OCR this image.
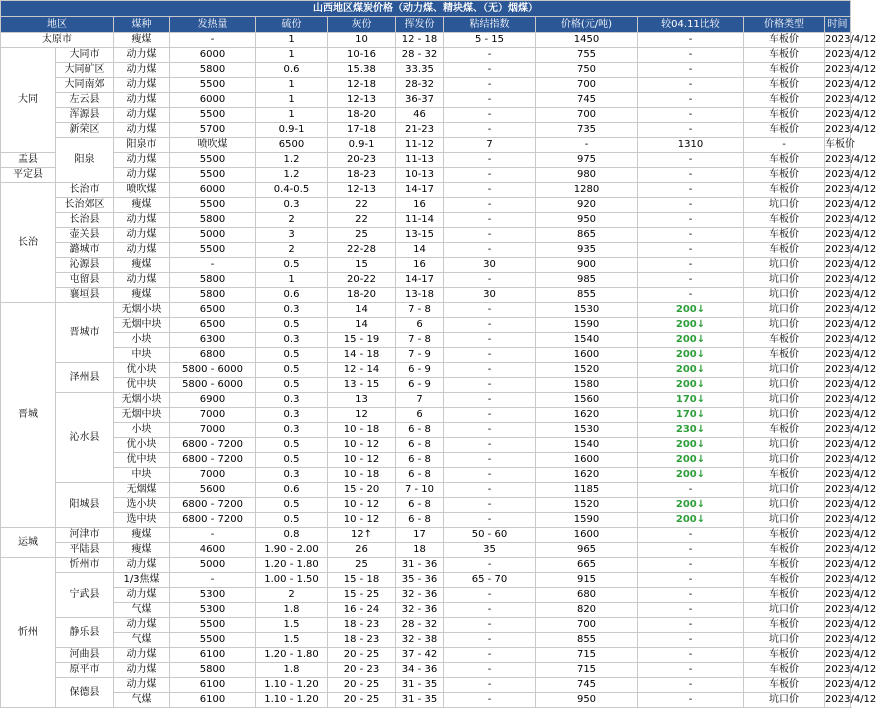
山西地区煤炭价格（动力煤、精块煤、（无）烟煤）												
地区		煤种	发热量	硫份	灰份	挥发份	粘结指数	价格(元/吨)	较04.11比较	价格类型	时间	
太原市		瘦煤	-	1	10	12 - 18	5 - 15	1450	-	车板价	2023/4/12	
大同	大同市	动力煤	6000	1	10-16	28 - 32	-	755	-	车板价	2023/4/12	
	大同矿区	动力煤	5800	0.6	15.38	33.35	-	750	-	车板价	2023/4/12	
	大同南郊	动力煤	5500	1	12-18	28-32	-	700	-	车板价	2023/4/12	
	左云县	动力煤	6000	1	12-13	36-37	-	745	-	车板价	2023/4/12	
	浑源县	动力煤	5500	1	18-20	46	-	700	-	车板价	2023/4/12	
	新荣区	动力煤	5700	0.9-1	17-18	21-23	-	735	-	车板价	2023/4/12	
	阳泉	阳泉市	喷吹煤	6500	0.9-1	11-12	7	-	1310	-	车板价	
盂县		动力煤	5500	1.2	20-23	11-13	-	975	-	车板价	2023/4/12	
平定县		动力煤	5500	1.2	18-23	10-13	-	980	-	车板价	2023/4/12	
长治	长治市	喷吹煤	6000	0.4-0.5	12-13	14-17	-	1280	-	车板价	2023/4/12	
	长治郊区	瘦煤	5500	0.3	22	16	-	920	-	坑口价	2023/4/12	
	长治县	动力煤	5800	2	22	11-14	-	950	-	车板价	2023/4/12	
	壶关县	动力煤	5000	3	25	13-15	-	865	-	车板价	2023/4/12	
	潞城市	动力煤	5500	2	22-28	14	-	935	-	车板价	2023/4/12	
	沁源县	瘦煤	-	0.5	15	16	30	900	-	坑口价	2023/4/12	
	屯留县	动力煤	5800	1	20-22	14-17	-	985	-	坑口价	2023/4/12	
	襄垣县	瘦煤	5800	0.6	18-20	13-18	30	855	-	坑口价	2023/4/12	
晋城	晋城市	无烟小块	6500	0.3	14	7 - 8	-	1530	200↓	坑口价	2023/4/12	
		无烟中块	6500	0.5	14	6	-	1590	200↓	坑口价	2023/4/12	
		小块	6300	0.3	15 - 19	7 - 8	-	1540	200↓	车板价	2023/4/12	
		中块	6800	0.5	14 - 18	7 - 9	-	1600	200↓	车板价	2023/4/12	
	泽州县	优小块	5800 - 6000	0.5	12 - 14	6 - 9	-	1520	200↓	坑口价	2023/4/12	
		优中块	5800 - 6000	0.5	13 - 15	6 - 9	-	1580	200↓	坑口价	2023/4/12	
	沁水县	无烟小块	6900	0.3	13	7	-	1560	170↓	坑口价	2023/4/12	
		无烟中块	7000	0.3	12	6	-	1620	170↓	坑口价	2023/4/12	
		小块	7000	0.3	10 - 18	6 - 8	-	1530	230↓	车板价	2023/4/12	
		优小块	6800 - 7200	0.5	10 - 12	6 - 8	-	1540	200↓	坑口价	2023/4/12	
		优中块	6800 - 7200	0.5	10 - 12	6 - 8	-	1600	200↓	坑口价	2023/4/12	
		中块	7000	0.3	10 - 18	6 - 8	-	1620	200↓	车板价	2023/4/12	
	阳城县	无烟煤	5600	0.6	15 - 20	7 - 10	-	1185	-	坑口价	2023/4/12	
		选小块	6800 - 7200	0.5	10 - 12	6 - 8	-	1520	200↓	坑口价	2023/4/12	
		选中块	6800 - 7200	0.5	10 - 12	6 - 8	-	1590	200↓	坑口价	2023/4/12	
运城	河津市	瘦煤	-	0.8	12↑	17	50 - 60	1600	-	车板价	2023/4/12	
	平陆县	瘦煤	4600	1.90 - 2.00	26	18	35	965	-	车板价	2023/4/12	
忻州	忻州市	动力煤	5000	1.20 - 1.80	25	31 - 36	-	665	-	车板价	2023/4/12	
	宁武县	1/3焦煤	-	1.00 - 1.50	15 - 18	35 - 36	65 - 70	915	-	车板价	2023/4/12	
		动力煤	5300	2	15 - 25	32 - 36	-	680	-	车板价	2023/4/12	
		气煤	5300	1.8	16 - 24	32 - 36	-	820	-	坑口价	2023/4/12	
	静乐县	动力煤	5500	1.5	18 - 23	28 - 32	-	700	-	车板价	2023/4/12	
		气煤	5500	1.5	18 - 23	32 - 38	-	855	-	坑口价	2023/4/12	
	河曲县	动力煤	6100	1.20 - 1.80	20 - 25	37 - 42	-	715	-	车板价	2023/4/12	
	原平市	动力煤	5800	1.8	20 - 23	34 - 36	-	715	-	车板价	2023/4/12	
	保德县	动力煤	6100	1.10 - 1.20	20 - 25	31 - 35	-	745	-	车板价	2023/4/12	
		气煤	6100	1.10 - 1.20	20 - 25	31 - 35	-	950	-	坑口价	2023/4/12	
